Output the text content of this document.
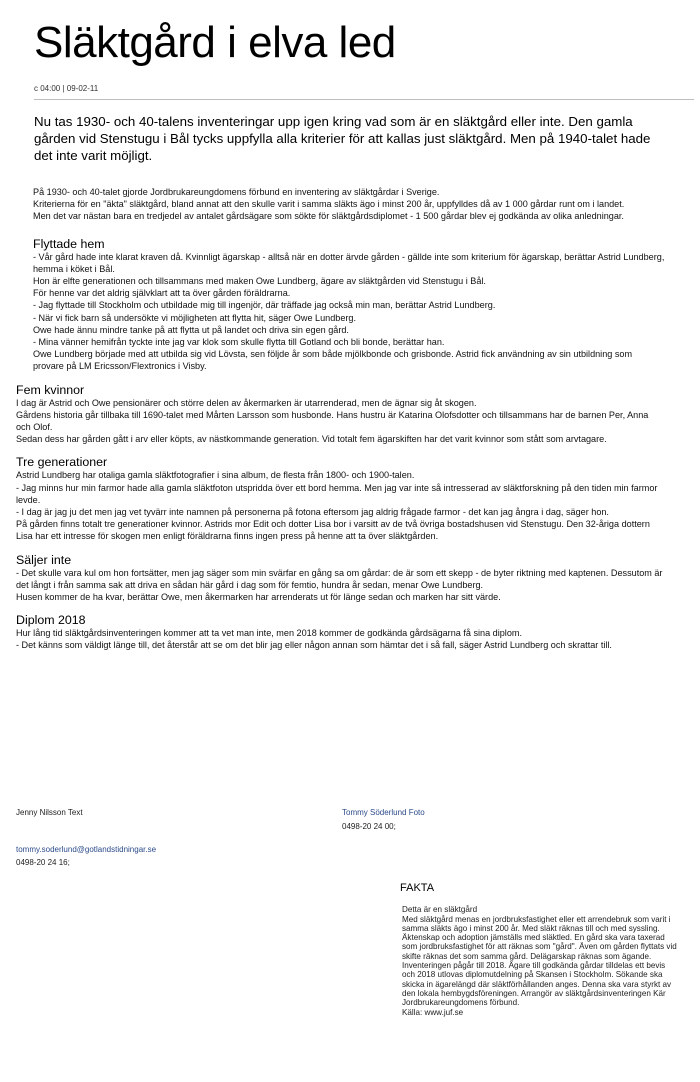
Släktgård i elva led
c 04:00 | 09-02-11

Nu tas 1930- och 40-talens inventeringar upp igen kring vad som är en släktgård eller inte. Den gamla gården vid Stenstugu i Bål tycks uppfylla alla kriterier för att kallas just släktgård. Men på 1940-talet hade det inte varit möjligt.

På 1930- och 40-talet gjorde Jordbrukareungdomens förbund en inventering av släktgårdar i Sverige.

Kriterierna för en "äkta" släktgård, bland annat att den skulle varit i samma släkts ägo i minst 200 år, uppfylldes då av 1 000 gårdar runt om i landet.

Men det var nästan bara en tredjedel av antalet gårdsägare som sökte för släktgårdsdiplomet - 1 500 gårdar blev ej godkända av olika anledningar.

Flyttade hem

- Vår gård hade inte klarat kraven då. Kvinnligt ägarskap - alltså när en dotter ärvde gården - gällde inte som kriterium för ägarskap, berättar Astrid Lundberg, hemma i köket i Bål.

Hon är elfte generationen och tillsammans med maken Owe Lundberg, ägare av släktgården vid Stenstugu i Bål.

För henne var det aldrig självklart att ta över gården föräldrarna.

- Jag flyttade till Stockholm och utbildade mig till ingenjör, där träffade jag också min man, berättar Astrid Lundberg.

- När vi fick barn så undersökte vi möjligheten att flytta hit, säger Owe Lundberg.

Owe hade ännu mindre tanke på att flytta ut på landet och driva sin egen gård.

- Mina vänner hemifrån tyckte inte jag var klok som skulle flytta till Gotland och bli bonde, berättar han.

Owe Lundberg började med att utbilda sig vid Lövsta, sen följde år som både mjölkbonde och grisbonde. Astrid fick användning av sin utbildning som provare på LM Ericsson/Flextronics i Visby.

Fem kvinnor

I dag är Astrid och Owe pensionärer och större delen av åkermarken är utarrenderad, men de ägnar sig åt skogen.

Gårdens historia går tillbaka till 1690-talet med Mårten Larsson som husbonde. Hans hustru är Katarina Olofsdotter och tillsammans har de barnen Per, Anna och Olof.

Sedan dess har gården gått i arv eller köpts, av nästkommande generation. Vid totalt fem ägarskiften har det varit kvinnor som stått som arvtagare.

Tre generationer

Astrid Lundberg har otaliga gamla släktfotografier i sina album, de flesta från 1800- och 1900-talen.

- Jag minns hur min farmor hade alla gamla släktfoton utspridda över ett bord hemma. Men jag var inte så intresserad av släktforskning på den tiden min farmor levde.

- I dag är jag ju det men jag vet tyvärr inte namnen på personerna på fotona eftersom jag aldrig frågade farmor - det kan jag ångra i dag, säger hon.

På gården finns totalt tre generationer kvinnor. Astrids mor Edit och dotter Lisa bor i varsitt av de två övriga bostadshusen vid Stenstugu. Den 32-åriga dottern Lisa har ett intresse för skogen men enligt föräldrarna finns ingen press på henne att ta över släktgården.

Säljer inte

- Det skulle vara kul om hon fortsätter, men jag säger som min svärfar en gång sa om gårdar: de är som ett skepp - de byter riktning med kaptenen. Dessutom är det långt i från samma sak att driva en sådan här gård i dag som för femtio, hundra år sedan, menar Owe Lundberg.

Husen kommer de ha kvar, berättar Owe, men åkermarken har arrenderats ut för länge sedan och marken har sitt värde.

Diplom 2018

Hur lång tid släktgårdsinventeringen kommer att ta vet man inte, men 2018 kommer de godkända gårdsägarna få sina diplom.

- Det känns som väldigt länge till, det återstår att se om det blir jag eller någon annan som hämtar det i så fall, säger Astrid Lundberg och skrattar till.

Jenny Nilsson Text	Tommy Söderlund Foto
0498-20 24 00;
tommy.soderlund@gotlandstidningar.se
0498-20 24 16;
FAKTA

Detta är en släktgård

Med släktgård menas en jordbruksfastighet eller ett arrendebruk som varit i samma släkts ägo i minst 200 år. Med släkt räknas till och med syssling. Äktenskap och adoption jämställs med släktled. En gård ska vara taxerad som jordbruksfastighet för att räknas som "gård". Även om gården flyttats vid skifte räknas det som samma gård. Delägarskap räknas som ägande.

Inventeringen pågår till 2018. Ägare till godkända gårdar tilldelas ett bevis och 2018 utlovas diplomutdelning på Skansen i Stockholm. Sökande ska skicka in ägarelängd där släktförhållanden anges. Denna ska vara styrkt av den lokala hembygdsföreningen. Arrangör av släktgårdsinventeringen Kär Jordbrukareungdomens förbund.

Källa: www.juf.se
